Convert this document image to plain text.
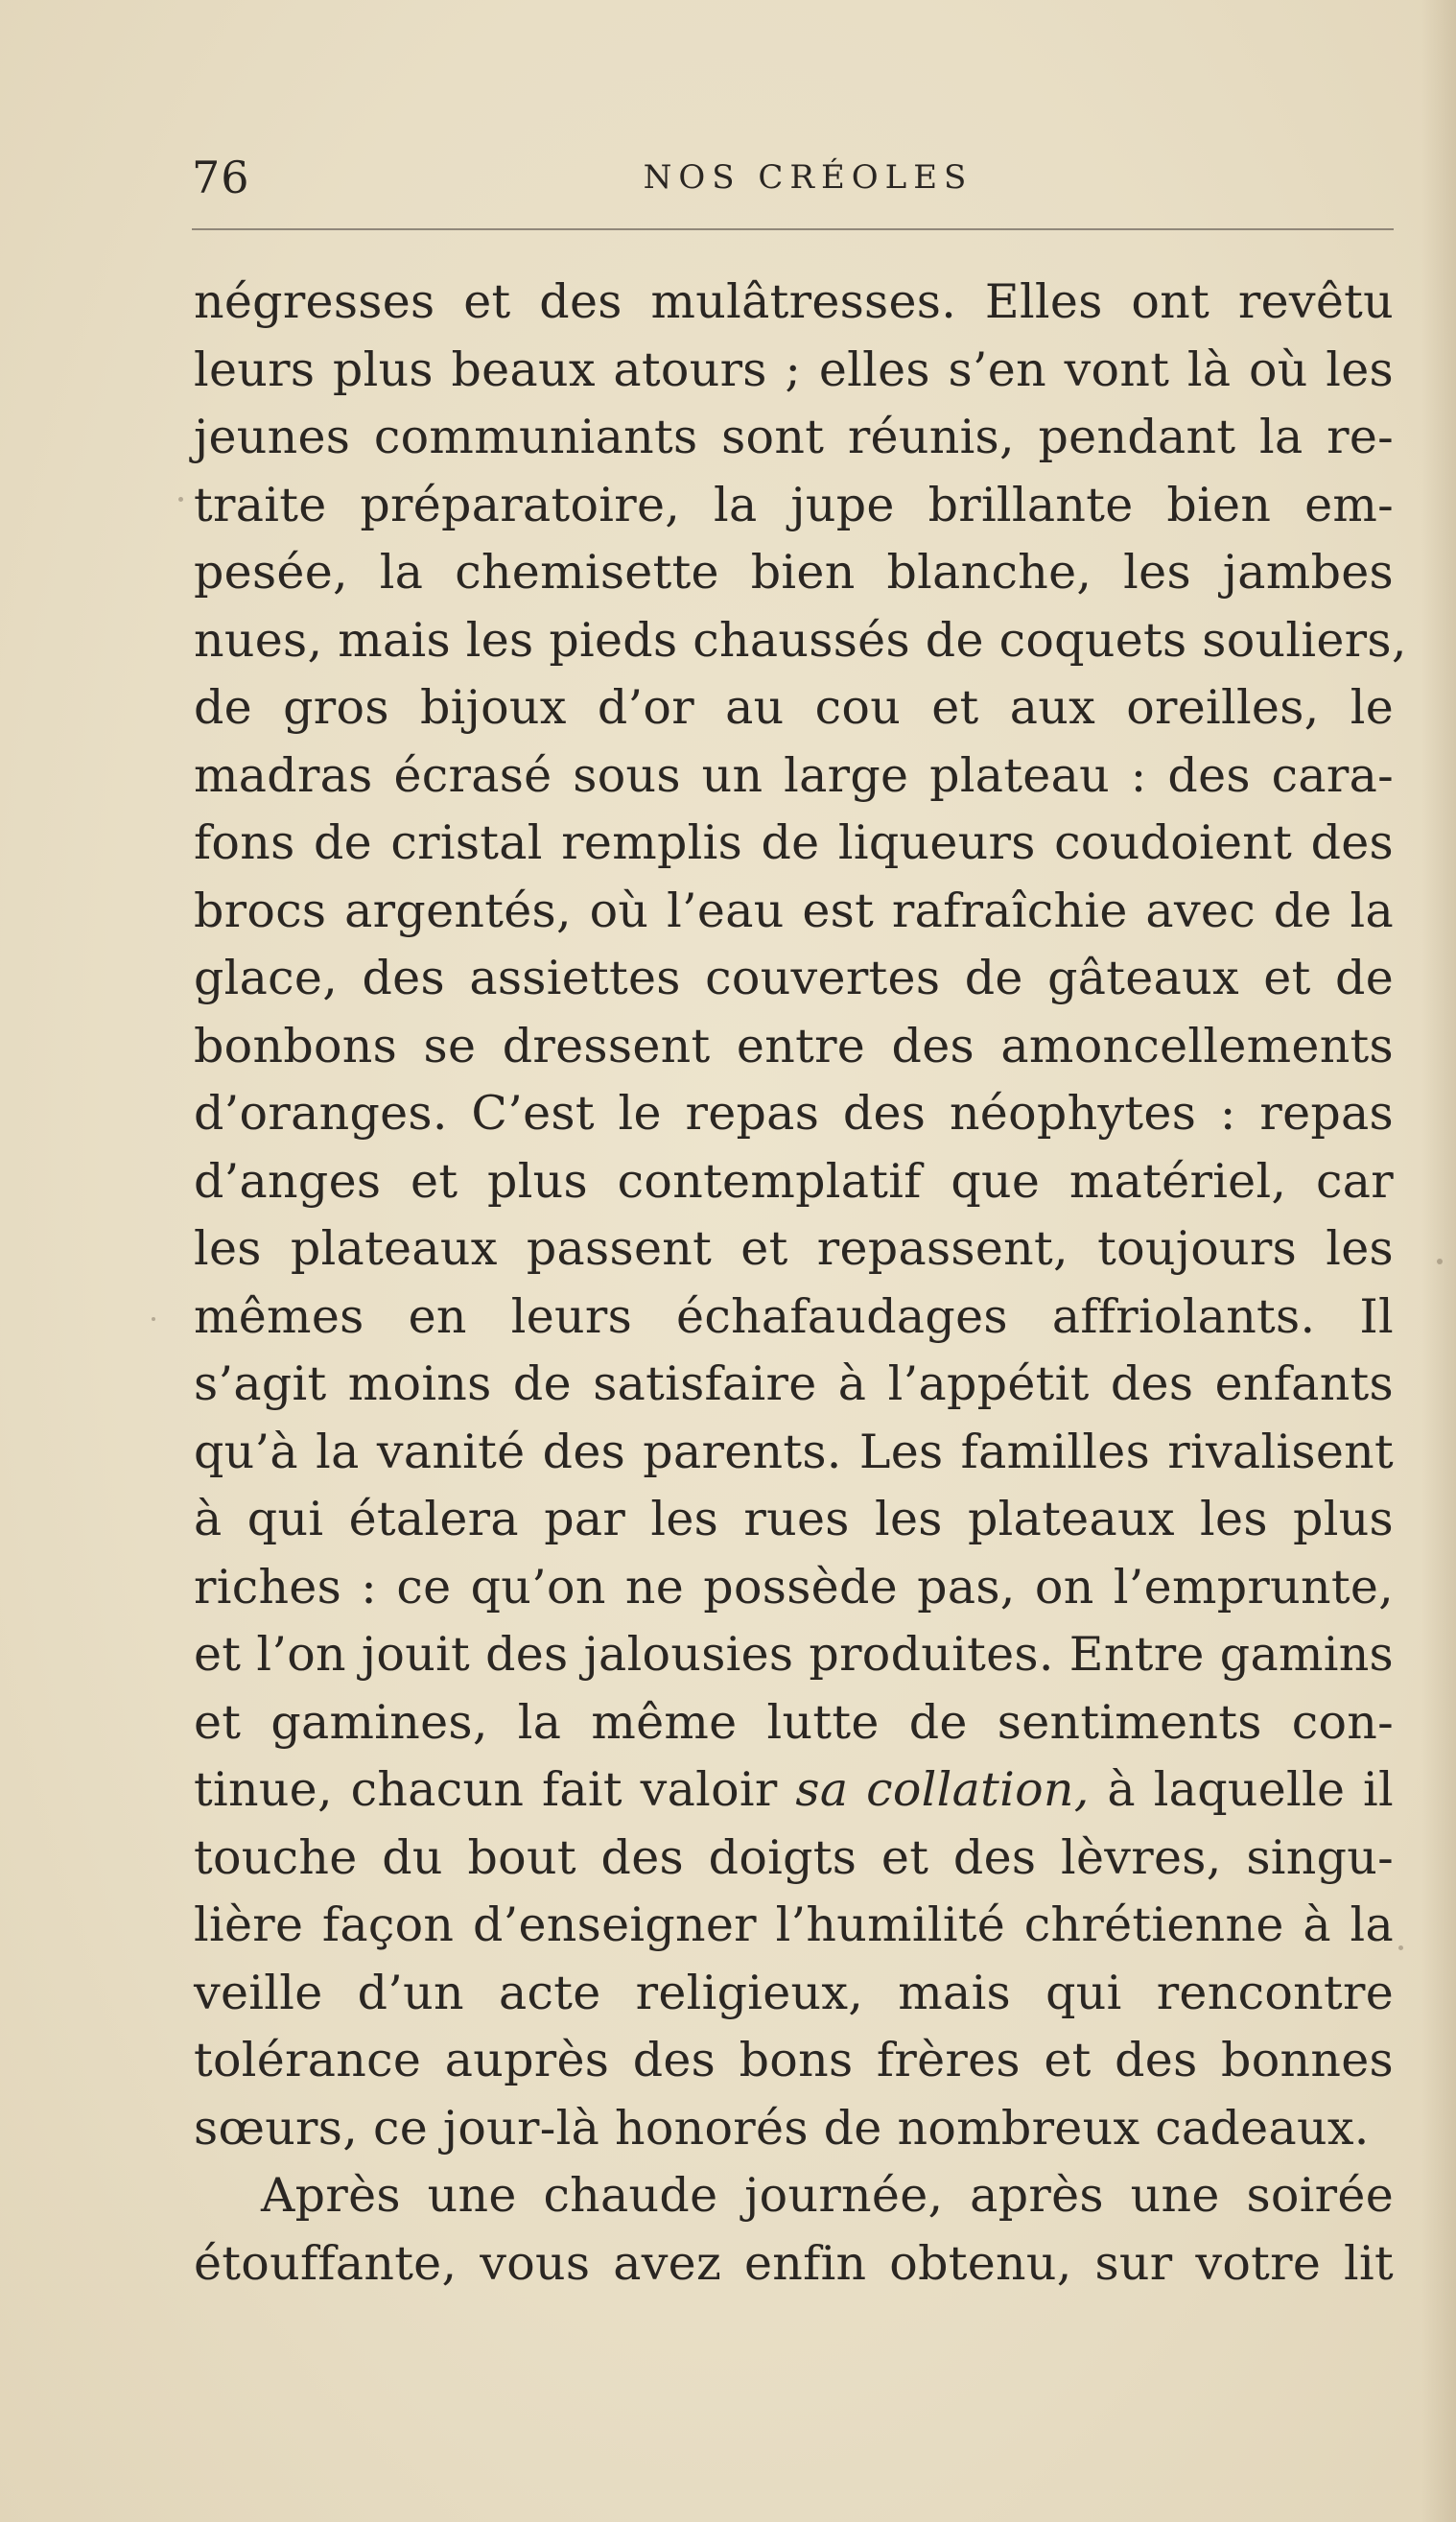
76	NOS CRÉOLES
négresses et des mulâtresses. Elles ont revêtu
leurs plus beaux atours ; elles s’en vont là où les
jeunes communiants sont réunis, pendant la re-
traite préparatoire, la jupe brillante bien em-
pesée, la chemisette bien blanche, les jambes
nues, mais les pieds chaussés de coquets souliers,
de gros bijoux d’or au cou et aux oreilles, le
madras écrasé sous un large plateau : des cara-
fons de cristal remplis de liqueurs coudoient des
brocs argentés, où l’eau est rafraîchie avec de la
glace, des assiettes couvertes de gâteaux et de
bonbons se dressent entre des amoncellements
d’oranges. C’est le repas des néophytes : repas
d’anges et plus contemplatif que matériel, car
les plateaux passent et repassent, toujours les
mêmes en leurs échafaudages affriolants. Il
s’agit moins de satisfaire à l’appétit des enfants
qu’à la vanité des parents. Les familles rivalisent
à qui étalera par les rues les plateaux les plus
riches : ce qu’on ne possède pas, on l’emprunte,
et l’on jouit des jalousies produites. Entre gamins
et gamines, la même lutte de sentiments con-
tinue, chacun fait valoir sa collation, à laquelle il
touche du bout des doigts et des lèvres, singu-
lière façon d’enseigner l’humilité chrétienne à la
veille d’un acte religieux, mais qui rencontre
tolérance auprès des bons frères et des bonnes
sœurs, ce jour-là honorés de nombreux cadeaux.
Après une chaude journée, après une soirée
étouffante, vous avez enfin obtenu, sur votre lit
